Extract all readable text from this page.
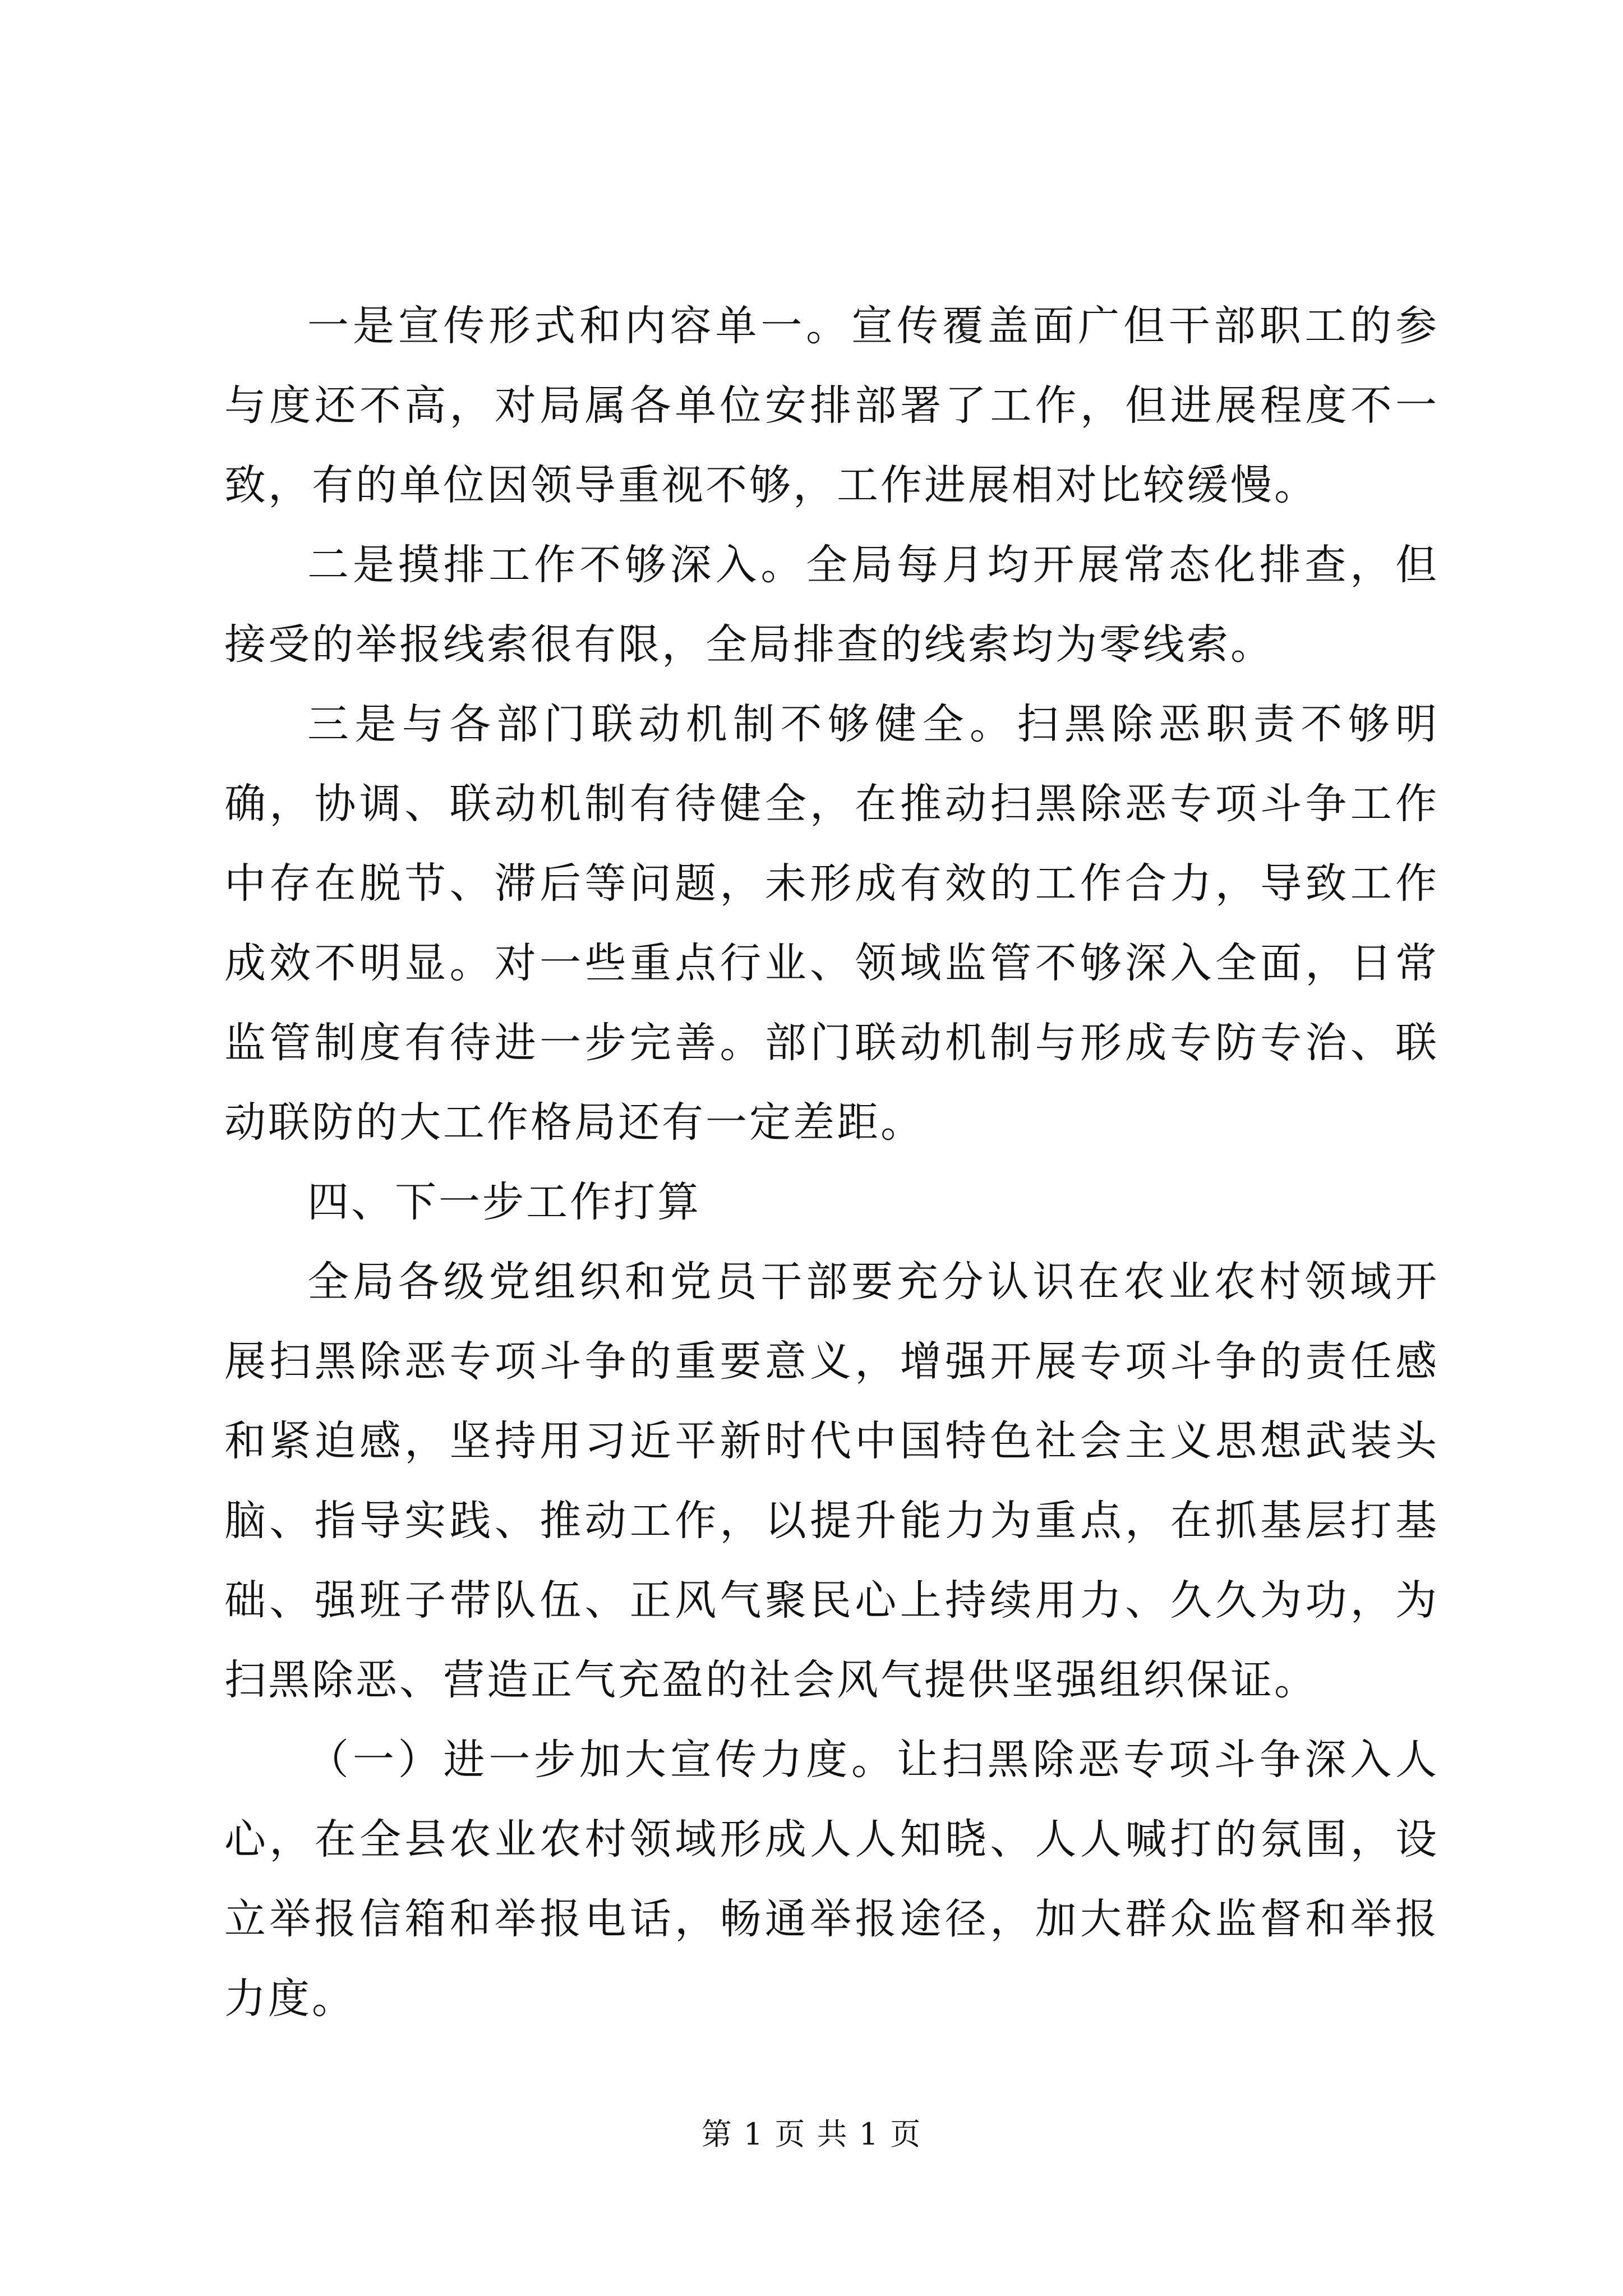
一是宣传形式和内容单一。宣传覆盖面广但干部职工的参与度还不高，对局属各单位安排部署了工作，但进展程度不一致，有的单位因领导重视不够，工作进展相对比较缓慢。

二是摸排工作不够深入。全局每月均开展常态化排查，但接受的举报线索很有限，全局排查的线索均为零线索。

三是与各部门联动机制不够健全。扫黑除恶职责不够明确，协调、联动机制有待健全，在推动扫黑除恶专项斗争工作中存在脱节、滞后等问题，未形成有效的工作合力，导致工作成效不明显。对一些重点行业、领域监管不够深入全面，日常监管制度有待进一步完善。部门联动机制与形成专防专治、联动联防的大工作格局还有一定差距。

四、下一步工作打算

全局各级党组织和党员干部要充分认识在农业农村领域开展扫黑除恶专项斗争的重要意义，增强开展专项斗争的责任感和紧迫感，坚持用习近平新时代中国特色社会主义思想武装头脑、指导实践、推动工作，以提升能力为重点，在抓基层打基础、强班子带队伍、正风气聚民心上持续用力、久久为功，为扫黑除恶、营造正气充盈的社会风气提供坚强组织保证。

（一）进一步加大宣传力度。让扫黑除恶专项斗争深入人心，在全县农业农村领域形成人人知晓、人人喊打的氛围，设立举报信箱和举报电话，畅通举报途径，加大群众监督和举报力度。

第 1 页 共 1 页
